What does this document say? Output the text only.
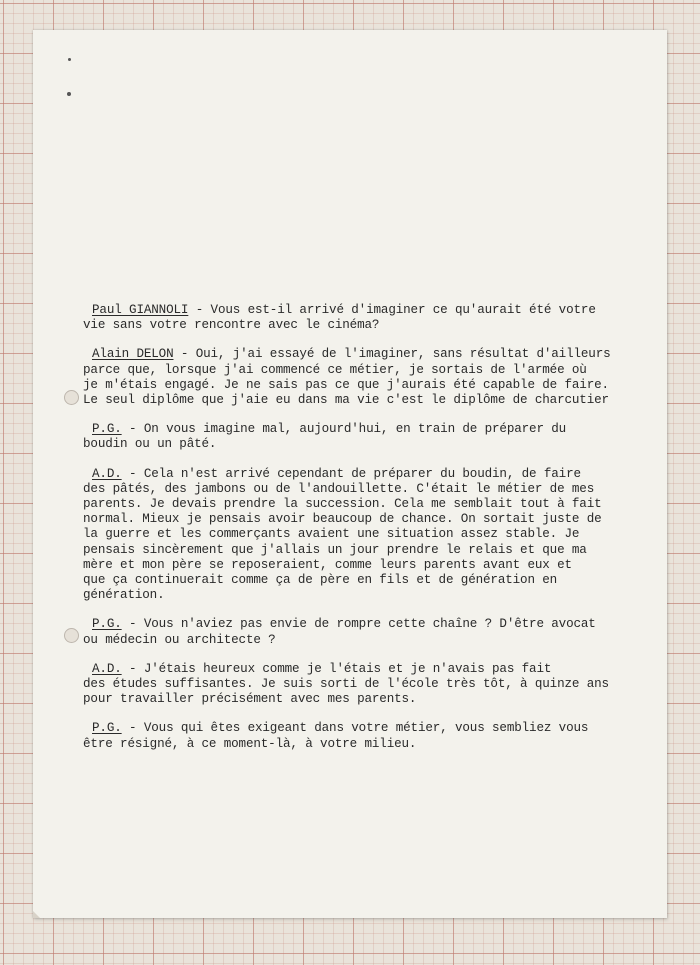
Paul GIANNOLI - Vous est-il arrivé d'imaginer ce qu'aurait été votre
vie sans votre rencontre avec le cinéma?
Alain DELON - Oui, j'ai essayé de l'imaginer, sans résultat d'ailleurs
parce que, lorsque j'ai commencé ce métier, je sortais de l'armée où
je m'étais engagé. Je ne sais pas ce que j'aurais été capable de faire.
Le seul diplôme que j'aie eu dans ma vie c'est le diplôme de charcutier
P.G. - On vous imagine mal, aujourd'hui, en train de préparer du
boudin ou un pâté.
A.D. - Cela n'est arrivé cependant de préparer du boudin, de faire
des pâtés, des jambons ou de l'andouillette. C'était le métier de mes
parents. Je devais prendre la succession. Cela me semblait tout à fait
normal. Mieux je pensais avoir beaucoup de chance. On sortait juste de
la guerre et les commerçants avaient une situation assez stable. Je
pensais sincèrement que j'allais un jour prendre le relais et que ma
mère et mon père se reposeraient, comme leurs parents avant eux et
que ça continuerait comme ça de père en fils et de génération en
génération.
P.G. - Vous n'aviez pas envie de rompre cette chaîne ? D'être avocat
ou médecin ou architecte ?
A.D. - J'étais heureux comme je l'étais et je n'avais pas fait
des études suffisantes. Je suis sorti de l'école très tôt, à quinze ans
pour travailler précisément avec mes parents.
P.G. - Vous qui êtes exigeant dans votre métier, vous sembliez vous
être résigné, à ce moment-là, à votre milieu.
